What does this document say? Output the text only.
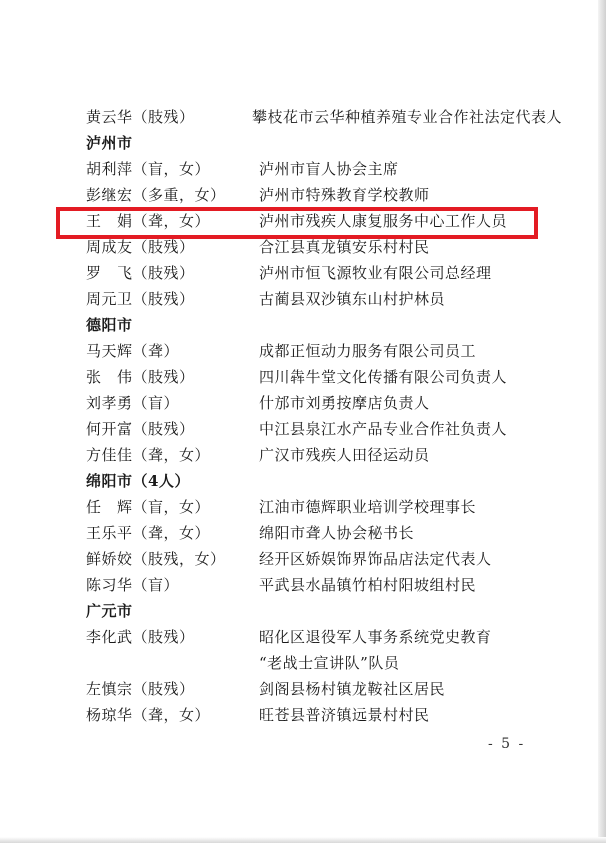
黄云华（肢残）	攀枝花市云华种植养殖专业合作社法定代表人
泸州市
胡利萍（盲，女）	泸州市盲人协会主席
彭继宏（多重，女） 泸州市特殊教育学校教师
王　娟（聋，女）	泸州市残疾人康复服务中心工作人员
周成友（肢残）	合江县真龙镇安乐村村民
罗　飞（肢残）	泸州市恒飞源牧业有限公司总经理
周元卫（肢残）	古蔺县双沙镇东山村护林员
德阳市
马天辉（聋）	成都正恒动力服务有限公司员工
张　伟（肢残）	四川犇牛堂文化传播有限公司负责人
刘孝勇（盲）	什邡市刘勇按摩店负责人
何开富（肢残）	中江县泉江水产品专业合作社负责人
方佳佳（聋，女）	广汉市残疾人田径运动员
绵阳市（4人）
任　辉（盲，女）	江油市德辉职业培训学校理事长
王乐平（聋，女）	绵阳市聋人协会秘书长
鲜娇姣（肢残，女） 经开区娇娱饰界饰品店法定代表人
陈习华（盲）	平武县水晶镇竹柏村阳坡组村民
广元市
李化武（肢残）	昭化区退役军人事务系统党史教育
“老战士宣讲队”队员
左慎宗（肢残）	剑阁县杨村镇龙鞍社区居民
杨琼华（聋，女）	旺苍县普济镇远景村村民
- 5 -
